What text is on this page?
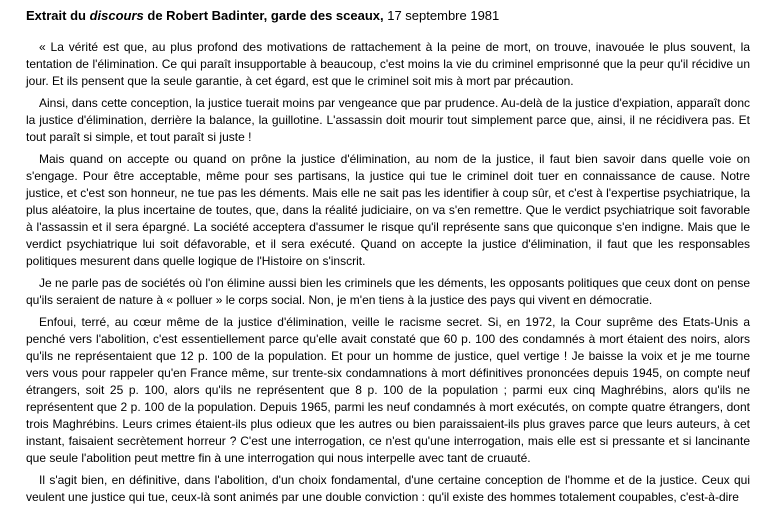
Extrait du discours de Robert Badinter, garde des sceaux, 17 septembre 1981

« La vérité est que, au plus profond des motivations de rattachement à la peine de mort, on trouve, inavouée le plus souvent, la tentation de l'élimination. Ce qui paraît insupportable à beaucoup, c'est moins la vie du criminel emprisonné que la peur qu'il récidive un jour. Et ils pensent que la seule garantie, à cet égard, est que le criminel soit mis à mort par précaution.

Ainsi, dans cette conception, la justice tuerait moins par vengeance que par prudence. Au-delà de la justice d'expiation, apparaît donc la justice d'élimination, derrière la balance, la guillotine. L'assassin doit mourir tout simplement parce que, ainsi, il ne récidivera pas. Et tout paraît si simple, et tout paraît si juste !

Mais quand on accepte ou quand on prône la justice d'élimination, au nom de la justice, il faut bien savoir dans quelle voie on s'engage. Pour être acceptable, même pour ses partisans, la justice qui tue le criminel doit tuer en connaissance de cause. Notre justice, et c'est son honneur, ne tue pas les déments. Mais elle ne sait pas les identifier à coup sûr, et c'est à l'expertise psychiatrique, la plus aléatoire, la plus incertaine de toutes, que, dans la réalité judiciaire, on va s'en remettre. Que le verdict psychiatrique soit favorable à l'assassin et il sera épargné. La société acceptera d'assumer le risque qu'il représente sans que quiconque s'en indigne. Mais que le verdict psychiatrique lui soit défavorable, et il sera exécuté. Quand on accepte la justice d'élimination, il faut que les responsables politiques mesurent dans quelle logique de l'Histoire on s'inscrit.

Je ne parle pas de sociétés où l'on élimine aussi bien les criminels que les déments, les opposants politiques que ceux dont on pense qu'ils seraient de nature à « polluer » le corps social. Non, je m'en tiens à la justice des pays qui vivent en démocratie.

Enfoui, terré, au cœur même de la justice d'élimination, veille le racisme secret. Si, en 1972, la Cour suprême des Etats-Unis a penché vers l'abolition, c'est essentiellement parce qu'elle avait constaté que 60 p. 100 des condamnés à mort étaient des noirs, alors qu'ils ne représentaient que 12 p. 100 de la population. Et pour un homme de justice, quel vertige ! Je baisse la voix et je me tourne vers vous pour rappeler qu'en France même, sur trente-six condamnations à mort définitives prononcées depuis 1945, on compte neuf étrangers, soit 25 p. 100, alors qu'ils ne représentent que 8 p. 100 de la population ; parmi eux cinq Maghrébins, alors qu'ils ne représentent que 2 p. 100 de la population. Depuis 1965, parmi les neuf condamnés à mort exécutés, on compte quatre étrangers, dont trois Maghrébins. Leurs crimes étaient-ils plus odieux que les autres ou bien paraissaient-ils plus graves parce que leurs auteurs, à cet instant, faisaient secrètement horreur ? C'est une interrogation, ce n'est qu'une interrogation, mais elle est si pressante et si lancinante que seule l'abolition peut mettre fin à une interrogation qui nous interpelle avec tant de cruauté.

Il s'agit bien, en définitive, dans l'abolition, d'un choix fondamental, d'une certaine conception de l'homme et de la justice. Ceux qui veulent une justice qui tue, ceux-là sont animés par une double conviction : qu'il existe des hommes totalement coupables, c'est-à-dire
